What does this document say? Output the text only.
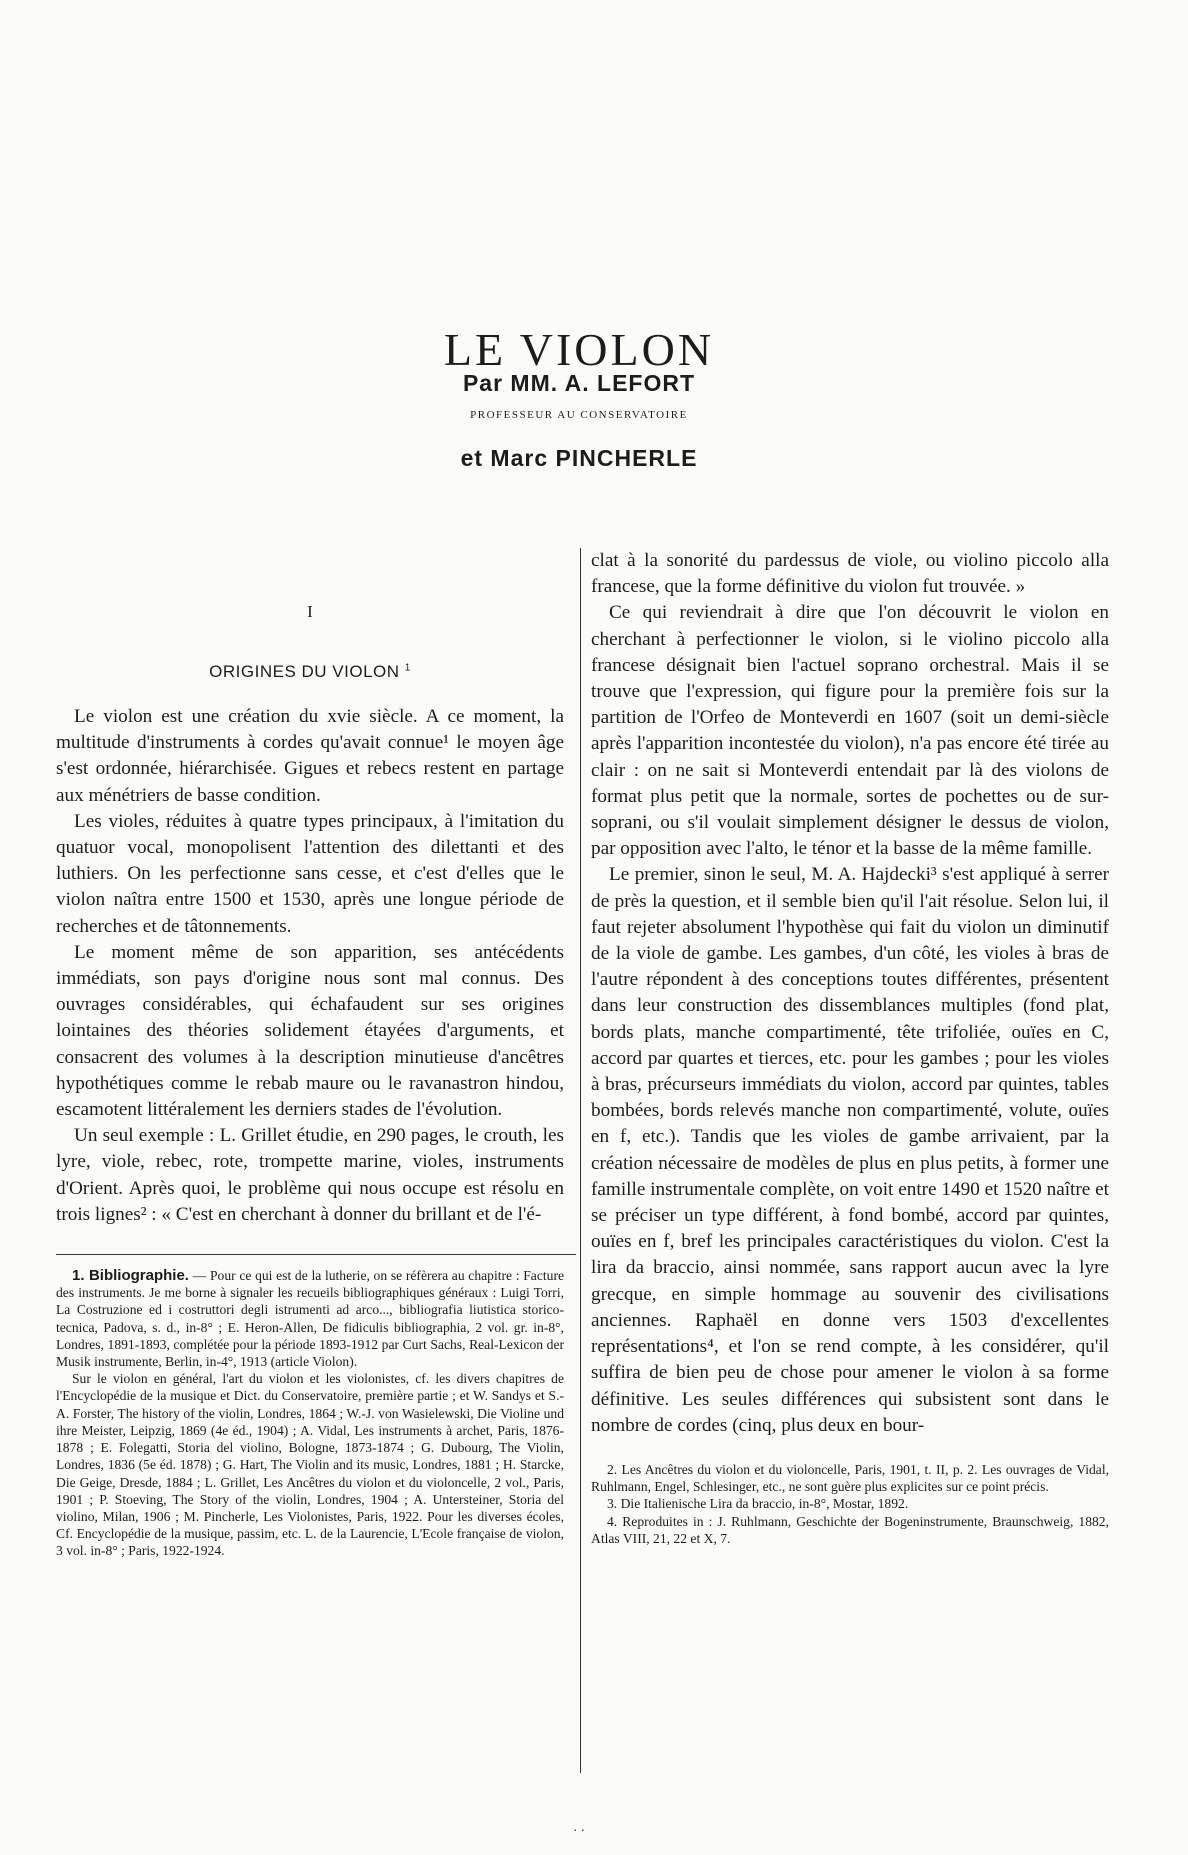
LE VIOLON
Par MM. A. LEFORT
PROFESSEUR AU CONSERVATOIRE
et Marc PINCHERLE
I
ORIGINES DU VIOLON $^1$

Le violon est une création du xvie siècle. A ce moment, la multitude d'instruments à cordes qu'avait connue¹ le moyen âge s'est ordonnée, hiérarchisée. Gigues et rebecs restent en partage aux ménétriers de basse condition.

Les violes, réduites à quatre types principaux, à l'imitation du quatuor vocal, monopolisent l'attention des dilettanti et des luthiers. On les perfectionne sans cesse, et c'est d'elles que le violon naîtra entre 1500 et 1530, après une longue période de recherches et de tâtonnements.

Le moment même de son apparition, ses antécédents immédiats, son pays d'origine nous sont mal connus. Des ouvrages considérables, qui échafaudent sur ses origines lointaines des théories solidement étayées d'arguments, et consacrent des volumes à la description minutieuse d'ancêtres hypothétiques comme le rebab maure ou le ravanastron hindou, escamotent littéralement les derniers stades de l'évolution.

Un seul exemple : L. Grillet étudie, en 290 pages, le crouth, les lyre, viole, rebec, rote, trompette marine, violes, instruments d'Orient. Après quoi, le problème qui nous occupe est résolu en trois lignes² : « C'est en cherchant à donner du brillant et de l'é-

1. Bibliographie. — Pour ce qui est de la lutherie, on se réfèrera au chapitre : Facture des instruments. Je me borne à signaler les recueils bibliographiques généraux : Luigi Torri, La Costruzione ed i costruttori degli istrumenti ad arco..., bibliografia liutistica storico-tecnica, Padova, s. d., in-8° ; E. Heron-Allen, De fidiculis bibliographia, 2 vol. gr. in-8°, Londres, 1891-1893, complétée pour la période 1893-1912 par Curt Sachs, Real-Lexicon der Musik instrumente, Berlin, in-4°, 1913 (article Violon).
Sur le violon en général, l'art du violon et les violonistes, cf. les divers chapitres de l'Encyclopédie de la musique et Dict. du Conservatoire, première partie ; et W. Sandys et S.-A. Forster, The history of the violin, Londres, 1864 ; W.-J. von Wasielewski, Die Violine und ihre Meister, Leipzig, 1869 (4e éd., 1904) ; A. Vidal, Les instruments à archet, Paris, 1876-1878 ; E. Folegatti, Storia del violino, Bologne, 1873-1874 ; G. Dubourg, The Violin, Londres, 1836 (5e éd. 1878) ; G. Hart, The Violin and its music, Londres, 1881 ; H. Starcke, Die Geige, Dresde, 1884 ; L. Grillet, Les Ancêtres du violon et du violoncelle, 2 vol., Paris, 1901 ; P. Stoeving, The Story of the violin, Londres, 1904 ; A. Untersteiner, Storia del violino, Milan, 1906 ; M. Pincherle, Les Violonistes, Paris, 1922. Pour les diverses écoles, Cf. Encyclopédie de la musique, passim, etc. L. de la Laurencie, L'Ecole française de violon, 3 vol. in-8° ; Paris, 1922-1924.

clat à la sonorité du pardessus de viole, ou violino piccolo alla francese, que la forme définitive du violon fut trouvée. »

Ce qui reviendrait à dire que l'on découvrit le violon en cherchant à perfectionner le violon, si le violino piccolo alla francese désignait bien l'actuel soprano orchestral. Mais il se trouve que l'expression, qui figure pour la première fois sur la partition de l'Orfeo de Monteverdi en 1607 (soit un demi-siècle après l'apparition incontestée du violon), n'a pas encore été tirée au clair : on ne sait si Monteverdi entendait par là des violons de format plus petit que la normale, sortes de pochettes ou de sur-soprani, ou s'il voulait simplement désigner le dessus de violon, par opposition avec l'alto, le ténor et la basse de la même famille.

Le premier, sinon le seul, M. A. Hajdecki³ s'est appliqué à serrer de près la question, et il semble bien qu'il l'ait résolue. Selon lui, il faut rejeter absolument l'hypothèse qui fait du violon un diminutif de la viole de gambe. Les gambes, d'un côté, les violes à bras de l'autre répondent à des conceptions toutes différentes, présentent dans leur construction des dissemblances multiples (fond plat, bords plats, manche compartimenté, tête trifoliée, ouïes en C, accord par quartes et tierces, etc. pour les gambes ; pour les violes à bras, précurseurs immédiats du violon, accord par quintes, tables bombées, bords relevés manche non compartimenté, volute, ouïes en f, etc.). Tandis que les violes de gambe arrivaient, par la création nécessaire de modèles de plus en plus petits, à former une famille instrumentale complète, on voit entre 1490 et 1520 naître et se préciser un type différent, à fond bombé, accord par quintes, ouïes en f, bref les principales caractéristiques du violon. C'est la lira da braccio, ainsi nommée, sans rapport aucun avec la lyre grecque, en simple hommage au souvenir des civilisations anciennes. Raphaël en donne vers 1503 d'excellentes représentations⁴, et l'on se rend compte, à les considérer, qu'il suffira de bien peu de chose pour amener le violon à sa forme définitive. Les seules différences qui subsistent sont dans le nombre de cordes (cinq, plus deux en bour-

2. Les Ancêtres du violon et du violoncelle, Paris, 1901, t. II, p. 2. Les ouvrages de Vidal, Ruhlmann, Engel, Schlesinger, etc., ne sont guère plus explicites sur ce point précis.
3. Die Italienische Lira da braccio, in-8°, Mostar, 1892.
4. Reproduites in : J. Ruhlmann, Geschichte der Bogeninstrumente, Braunschweig, 1882, Atlas VIII, 21, 22 et X, 7.
. .
